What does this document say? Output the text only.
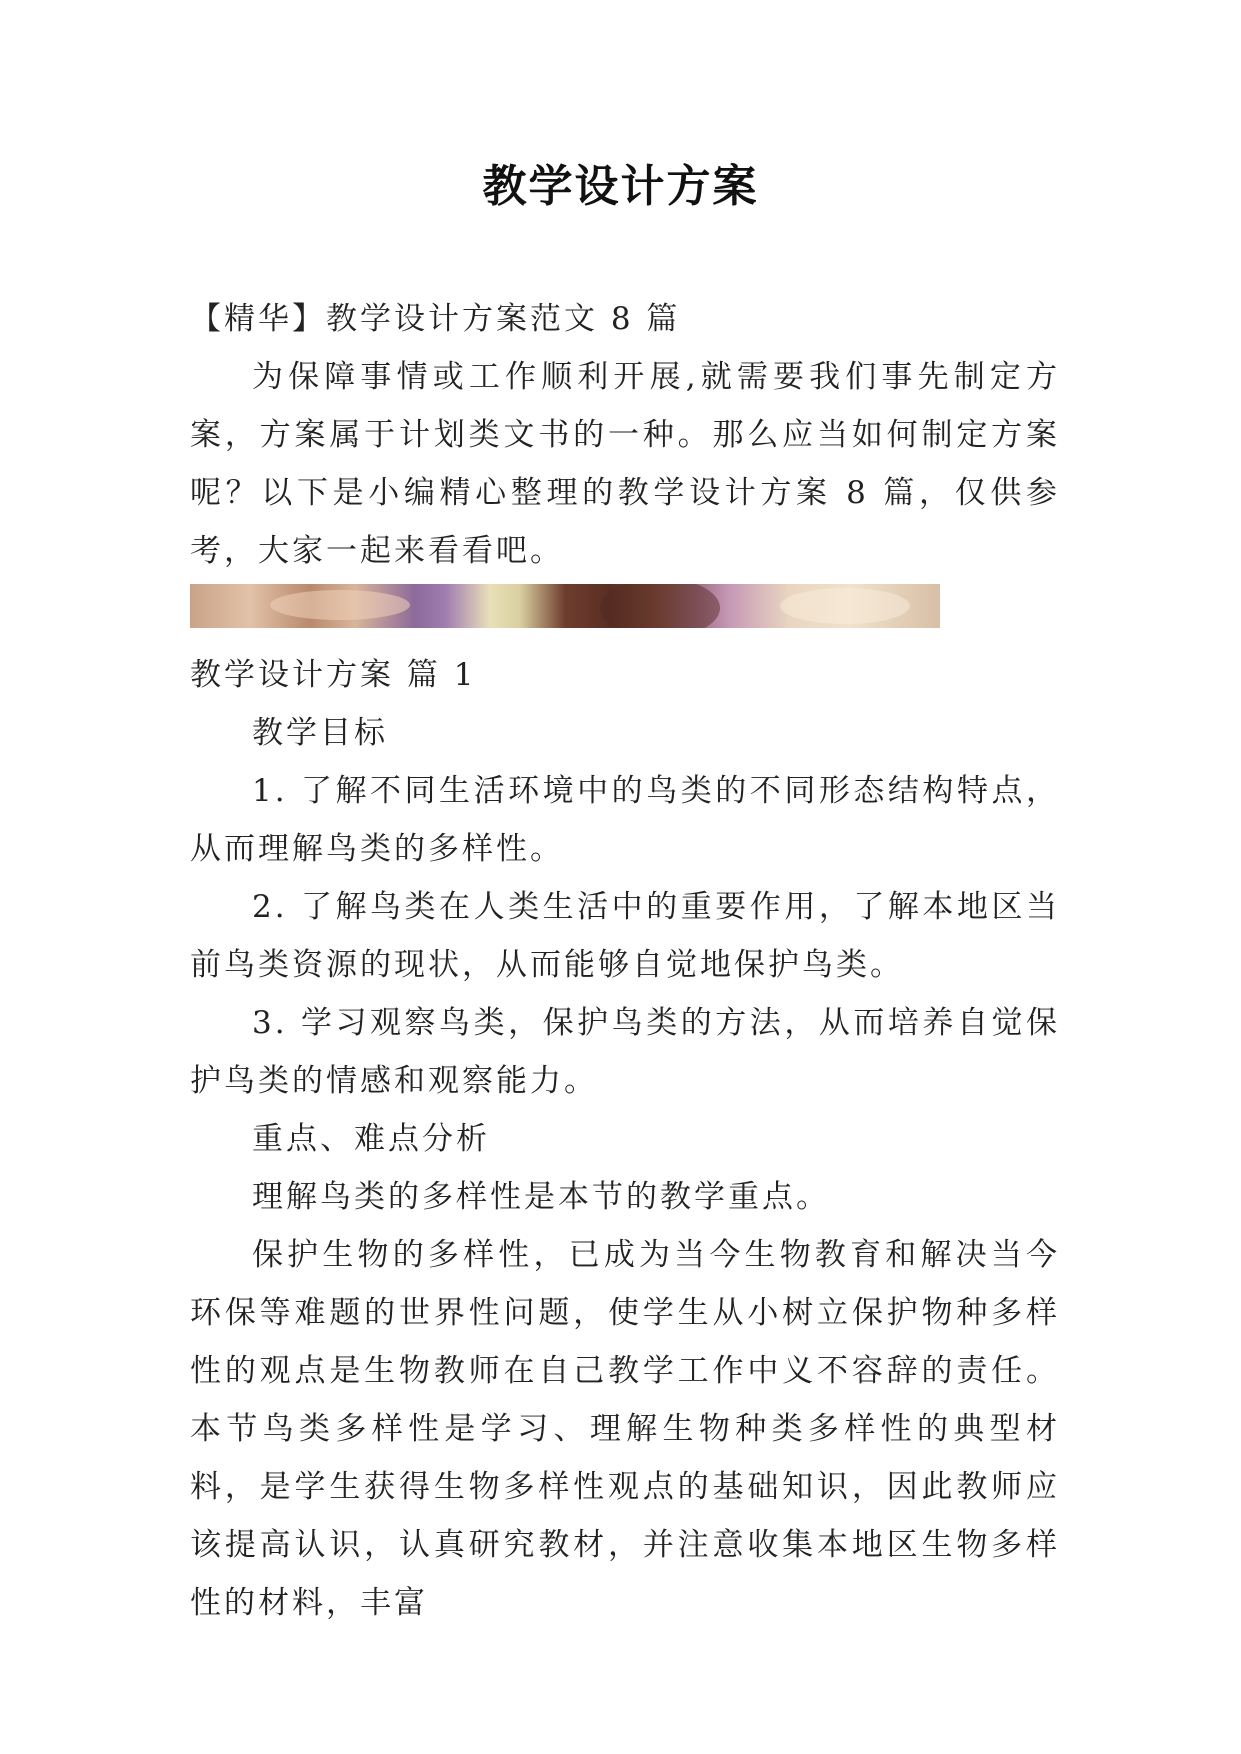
教学设计方案

【精华】教学设计方案范文 8 篇

为保障事情或工作顺利开展,就需要我们事先制定方案，方案属于计划类文书的一种。那么应当如何制定方案呢？以下是小编精心整理的教学设计方案 8 篇，仅供参考，大家一起来看看吧。

教学设计方案 篇 1

教学目标

1. 了解不同生活环境中的鸟类的不同形态结构特点，从而理解鸟类的多样性。

2. 了解鸟类在人类生活中的重要作用，了解本地区当前鸟类资源的现状，从而能够自觉地保护鸟类。

3. 学习观察鸟类，保护鸟类的方法，从而培养自觉保护鸟类的情感和观察能力。

重点、难点分析

理解鸟类的多样性是本节的教学重点。

保护生物的多样性，已成为当今生物教育和解决当今环保等难题的世界性问题，使学生从小树立保护物种多样性的观点是生物教师在自己教学工作中义不容辞的责任。本节鸟类多样性是学习、理解生物种类多样性的典型材料，是学生获得生物多样性观点的基础知识，因此教师应该提高认识，认真研究教材，并注意收集本地区生物多样性的材料，丰富
